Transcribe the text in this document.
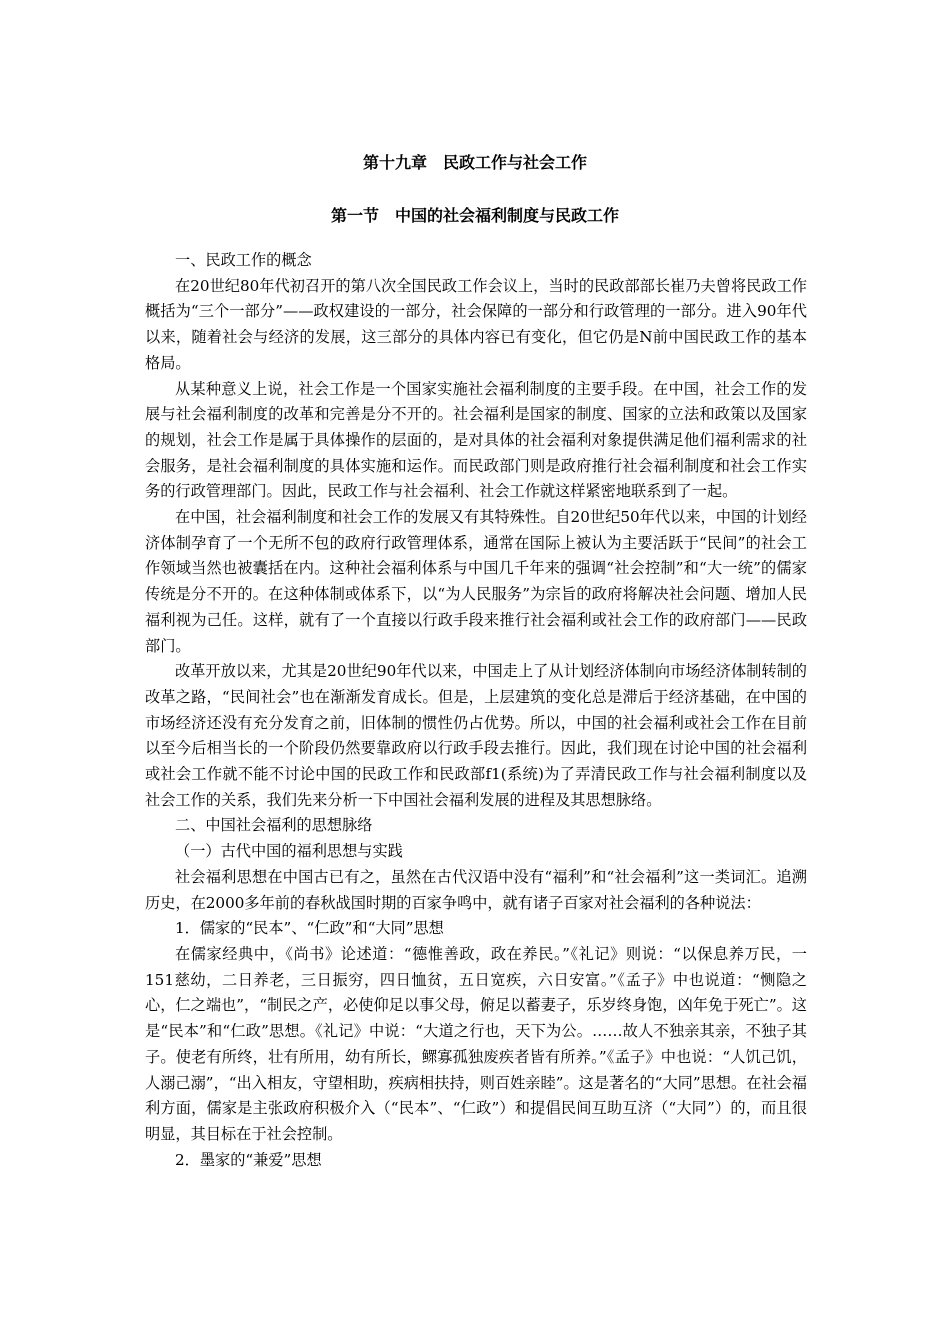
第十九章　民政工作与社会工作
第一节　中国的社会福利制度与民政工作

一、民政工作的概念

在20世纪80年代初召开的第八次全国民政工作会议上，当时的民政部部长崔乃夫曾将民政工作概括为“三个一部分”——政权建设的一部分，社会保障的一部分和行政管理的一部分。进入90年代以来，随着社会与经济的发展，这三部分的具体内容已有变化，但它仍是N前中国民政工作的基本格局。

从某种意义上说，社会工作是一个国家实施社会福利制度的主要手段。在中国，社会工作的发展与社会福利制度的改革和完善是分不开的。社会福利是国家的制度、国家的立法和政策以及国家的规划，社会工作是属于具体操作的层面的，是对具体的社会福利对象提供满足他们福利需求的社会服务，是社会福利制度的具体实施和运作。而民政部门则是政府推行社会福利制度和社会工作实务的行政管理部门。因此，民政工作与社会福利、社会工作就这样紧密地联系到了一起。

在中国，社会福利制度和社会工作的发展又有其特殊性。自20世纪50年代以来，中国的计划经济体制孕育了一个无所不包的政府行政管理体系，通常在国际上被认为主要活跃于“民间”的社会工作领域当然也被囊括在内。这种社会福利体系与中国几千年来的强调“社会控制”和“大一统”的儒家传统是分不开的。在这种体制或体系下，以“为人民服务”为宗旨的政府将解决社会问题、增加人民福利视为己任。这样，就有了一个直接以行政手段来推行社会福利或社会工作的政府部门——民政部门。

改革开放以来，尤其是20世纪90年代以来，中国走上了从计划经济体制向市场经济体制转制的改革之路，“民间社会”也在渐渐发育成长。但是，上层建筑的变化总是滞后于经济基础，在中国的市场经济还没有充分发育之前，旧体制的惯性仍占优势。所以，中国的社会福利或社会工作在目前以至今后相当长的一个阶段仍然要靠政府以行政手段去推行。因此，我们现在讨论中国的社会福利或社会工作就不能不讨论中国的民政工作和民政部f1(系统)为了弄清民政工作与社会福利制度以及社会工作的关系，我们先来分析一下中国社会福利发展的进程及其思想脉络。

二、中国社会福利的思想脉络

（一）古代中国的福利思想与实践

社会福利思想在中国古已有之，虽然在古代汉语中没有“福利”和“社会福利”这一类词汇。追溯历史，在2000多年前的春秋战国时期的百家争鸣中，就有诸子百家对社会福利的各种说法：

1．儒家的“民本”、“仁政”和“大同”思想

在儒家经典中，《尚书》论述道：“德惟善政，政在养民。”《礼记》则说：“以保息养万民，一151慈幼，二日养老，三日振穷，四日恤贫，五日宽疾，六日安富。”《孟子》中也说道：“恻隐之心，仁之端也”，“制民之产，必使仰足以事父母，俯足以蓄妻子，乐岁终身饱，凶年免于死亡”。这是“民本”和“仁政”思想。《礼记》中说：“大道之行也，天下为公。……故人不独亲其亲，不独子其子。使老有所终，壮有所用，幼有所长，鳏寡孤独废疾者皆有所养。”《孟子》中也说：“人饥己饥，人溺己溺”，“出入相友，守望相助，疾病相扶持，则百姓亲睦”。这是著名的“大同”思想。在社会福利方面，儒家是主张政府积极介入（“民本”、“仁政”）和提倡民间互助互济（“大同”）的，而且很明显，其目标在于社会控制。

2．墨家的“兼爱”思想
